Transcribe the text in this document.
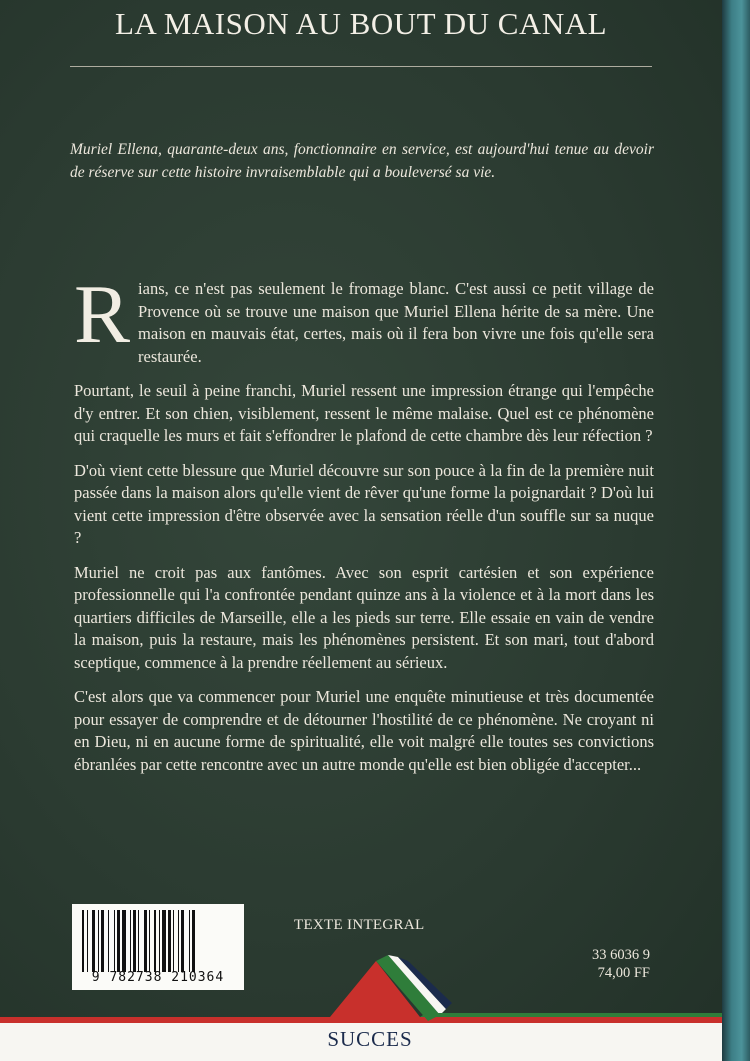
LA MAISON AU BOUT DU CANAL
Muriel Ellena, quarante-deux ans, fonctionnaire en service, est aujourd'hui tenue au devoir de réserve sur cette histoire invraisemblable qui a bouleversé sa vie.

Rians, ce n'est pas seulement le fromage blanc. C'est aussi ce petit village de Provence où se trouve une maison que Muriel Ellena hérite de sa mère. Une maison en mauvais état, certes, mais où il fera bon vivre une fois qu'elle sera restaurée.

Pourtant, le seuil à peine franchi, Muriel ressent une impression étrange qui l'empêche d'y entrer. Et son chien, visiblement, ressent le même malaise. Quel est ce phénomène qui craquelle les murs et fait s'effondrer le plafond de cette chambre dès leur réfection ?

D'où vient cette blessure que Muriel découvre sur son pouce à la fin de la première nuit passée dans la maison alors qu'elle vient de rêver qu'une forme la poignardait ? D'où lui vient cette impression d'être observée avec la sensation réelle d'un souffle sur sa nuque ?

Muriel ne croit pas aux fantômes. Avec son esprit cartésien et son expérience professionnelle qui l'a confrontée pendant quinze ans à la violence et à la mort dans les quartiers difficiles de Marseille, elle a les pieds sur terre. Elle essaie en vain de vendre la maison, puis la restaure, mais les phénomènes persistent. Et son mari, tout d'abord sceptique, commence à la prendre réellement au sérieux.

C'est alors que va commencer pour Muriel une enquête minutieuse et très documentée pour essayer de comprendre et de détourner l'hostilité de ce phénomène. Ne croyant ni en Dieu, ni en aucune forme de spiritualité, elle voit malgré elle toutes ses convictions ébranlées par cette rencontre avec un autre monde qu'elle est bien obligée d'accepter...

9 782738 210364
TEXTE INTEGRAL
33 6036 9
74,00 FF
SUCCES
